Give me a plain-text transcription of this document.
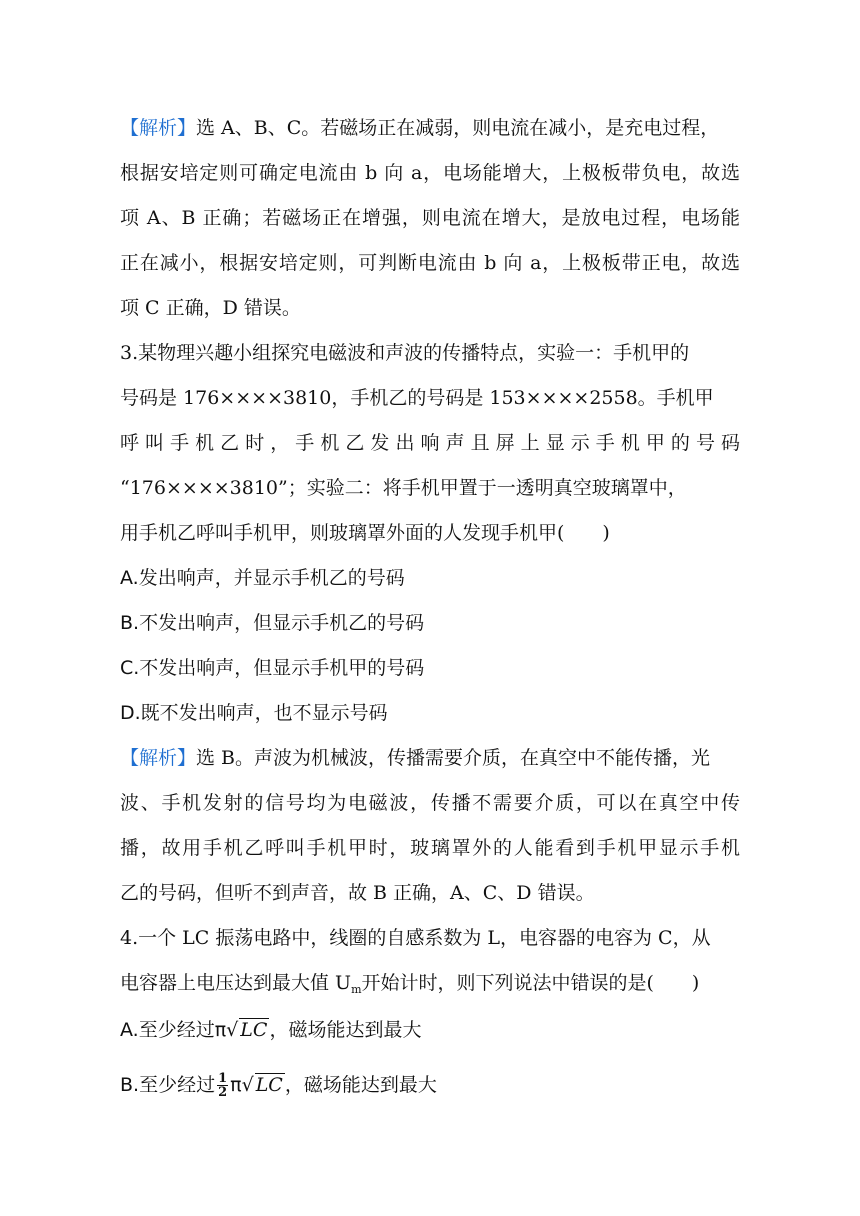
【解析】选 A、B、C。若磁场正在减弱，则电流在减小，是充电过程，
根据安培定则可确定电流由 b 向 a，电场能增大，上极板带负电，故选
项 A、B 正确；若磁场正在增强，则电流在增大，是放电过程，电场能
正在减小，根据安培定则，可判断电流由 b 向 a，上极板带正电，故选
项 C 正确，D 错误。
3.某物理兴趣小组探究电磁波和声波的传播特点，实验一：手机甲的
号码是 176××××3810，手机乙的号码是 153××××2558。手机甲
呼叫手机乙时，手机乙发出响声且屏上显示手机甲的号码
“176××××3810”；实验二：将手机甲置于一透明真空玻璃罩中，
用手机乙呼叫手机甲，则玻璃罩外面的人发现手机甲(　　)
A.发出响声，并显示手机乙的号码
B.不发出响声，但显示手机乙的号码
C.不发出响声，但显示手机甲的号码
D.既不发出响声，也不显示号码
【解析】选 B。声波为机械波，传播需要介质，在真空中不能传播，光
波、手机发射的信号均为电磁波，传播不需要介质，可以在真空中传
播，故用手机乙呼叫手机甲时，玻璃罩外的人能看到手机甲显示手机
乙的号码，但听不到声音，故 B 正确，A、C、D 错误。
4.一个 LC 振荡电路中，线圈的自感系数为 L，电容器的电容为 C，从
电容器上电压达到最大值 $U_m$开始计时，则下列说法中错误的是(　　)
A.至少经过π√ LC ，磁场能达到最大
B.至少经过 $\frac{1}{2} \pi√$ LC ，磁场能达到最大
